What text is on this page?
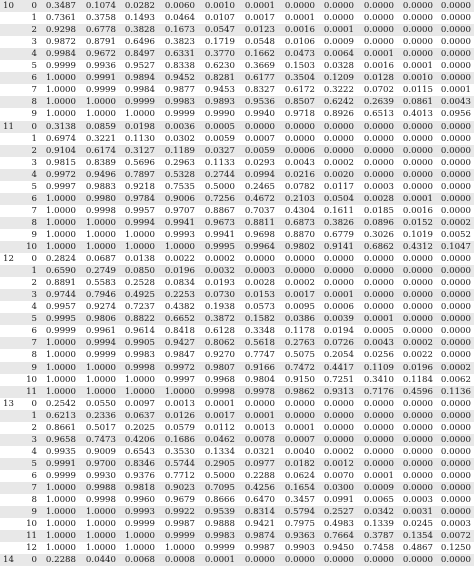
10	0	0.3487	0.1074	0.0282	0.0060	0.0010	0.0001	0.0000	0.0000	0.0000	0.0000 0.0000
1	0.7361	0.3758	0.1493	0.0464	0.0107	0.0017	0.0001	0.0000	0.0000	0.0000 0.0000
2	0.9298	0.6778	0.3828	0.1673	0.0547	0.0123	0.0016	0.0001	0.0000	0.0000 0.0000
3	0.9872	0.8791	0.6496	0.3823	0.1719	0.0548	0.0106	0.0009	0.0000	0.0000 0.0000
4	0.9984	0.9672	0.8497	0.6331	0.3770	0.1662	0.0473	0.0064	0.0001	0.0000 0.0000
5	0.9999	0.9936	0.9527	0.8338	0.6230	0.3669	0.1503	0.0328	0.0016	0.0001 0.0000
6	1.0000	0.9991	0.9894	0.9452	0.8281	0.6177	0.3504	0.1209	0.0128	0.0010 0.0000
7	1.0000	0.9999	0.9984	0.9877	0.9453	0.8327	0.6172	0.3222	0.0702	0.0115 0.0001
8	1.0000	1.0000	0.9999	0.9983	0.9893	0.9536	0.8507	0.6242	0.2639	0.0861 0.0043
9	1.0000	1.0000	1.0000	0.9999	0.9990	0.9940	0.9718	0.8926	0.6513	0.4013 0.0956
11	0	0.3138	0.0859	0.0198	0.0036	0.0005	0.0000	0.0000	0.0000	0.0000	0.0000 0.0000
1	0.6974	0.3221	0.1130	0.0302	0.0059	0.0007	0.0000	0.0000	0.0000	0.0000 0.0000
2	0.9104	0.6174	0.3127	0.1189	0.0327	0.0059	0.0006	0.0000	0.0000	0.0000 0.0000
3	0.9815	0.8389	0.5696	0.2963	0.1133	0.0293	0.0043	0.0002	0.0000	0.0000 0.0000
4	0.9972	0.9496	0.7897	0.5328	0.2744	0.0994	0.0216	0.0020	0.0000	0.0000 0.0000
5	0.9997	0.9883	0.9218	0.7535	0.5000	0.2465	0.0782	0.0117	0.0003	0.0000 0.0000
6	1.0000	0.9980	0.9784	0.9006	0.7256	0.4672	0.2103	0.0504	0.0028	0.0001 0.0000
7	1.0000	0.9998	0.9957	0.9707	0.8867	0.7037	0.4304	0.1611	0.0185	0.0016 0.0000
8	1.0000	1.0000	0.9994	0.9941	0.9673	0.8811	0.6873	0.3826	0.0896	0.0152 0.0002
9	1.0000	1.0000	1.0000	0.9993	0.9941	0.9698	0.8870	0.6779	0.3026	0.1019 0.0052
10	1.0000	1.0000	1.0000	1.0000	0.9995	0.9964	0.9802	0.9141	0.6862	0.4312 0.1047
12	0	0.2824	0.0687	0.0138	0.0022	0.0002	0.0000	0.0000	0.0000	0.0000	0.0000 0.0000
1	0.6590	0.2749	0.0850	0.0196	0.0032	0.0003	0.0000	0.0000	0.0000	0.0000 0.0000
2	0.8891	0.5583	0.2528	0.0834	0.0193	0.0028	0.0002	0.0000	0.0000	0.0000 0.0000
3	0.9744	0.7946	0.4925	0.2253	0.0730	0.0153	0.0017	0.0001	0.0000	0.0000 0.0000
4	0.9957	0.9274	0.7237	0.4382	0.1938	0.0573	0.0095	0.0006	0.0000	0.0000 0.0000
5	0.9995	0.9806	0.8822	0.6652	0.3872	0.1582	0.0386	0.0039	0.0001	0.0000 0.0000
6	0.9999	0.9961	0.9614	0.8418	0.6128	0.3348	0.1178	0.0194	0.0005	0.0000 0.0000
7	1.0000	0.9994	0.9905	0.9427	0.8062	0.5618	0.2763	0.0726	0.0043	0.0002 0.0000
8	1.0000	0.9999	0.9983	0.9847	0.9270	0.7747	0.5075	0.2054	0.0256	0.0022 0.0000
9	1.0000	1.0000	0.9998	0.9972	0.9807	0.9166	0.7472	0.4417	0.1109	0.0196 0.0002
10	1.0000	1.0000	1.0000	0.9997	0.9968	0.9804	0.9150	0.7251	0.3410	0.1184 0.0062
11	1.0000	1.0000	1.0000	1.0000	0.9998	0.9978	0.9862	0.9313	0.7176	0.4596 0.1136
13	0	0.2542	0.0550	0.0097	0.0013	0.0001	0.0000	0.0000	0.0000	0.0000	0.0000 0.0000
1	0.6213	0.2336	0.0637	0.0126	0.0017	0.0001	0.0000	0.0000	0.0000	0.0000 0.0000
2	0.8661	0.5017	0.2025	0.0579	0.0112	0.0013	0.0001	0.0000	0.0000	0.0000 0.0000
3	0.9658	0.7473	0.4206	0.1686	0.0462	0.0078	0.0007	0.0000	0.0000	0.0000 0.0000
4	0.9935	0.9009	0.6543	0.3530	0.1334	0.0321	0.0040	0.0002	0.0000	0.0000 0.0000
5	0.9991	0.9700	0.8346	0.5744	0.2905	0.0977	0.0182	0.0012	0.0000	0.0000 0.0000
6	0.9999	0.9930	0.9376	0.7712	0.5000	0.2288	0.0624	0.0070	0.0001	0.0000 0.0000
7	1.0000	0.9988	0.9818	0.9023	0.7095	0.4256	0.1654	0.0300	0.0009	0.0000 0.0000
8	1.0000	0.9998	0.9960	0.9679	0.8666	0.6470	0.3457	0.0991	0.0065	0.0003 0.0000
9	1.0000	1.0000	0.9993	0.9922	0.9539	0.8314	0.5794	0.2527	0.0342	0.0031 0.0000
10	1.0000	1.0000	0.9999	0.9987	0.9888	0.9421	0.7975	0.4983	0.1339	0.0245 0.0003
11	1.0000	1.0000	1.0000	0.9999	0.9983	0.9874	0.9363	0.7664	0.3787	0.1354 0.0072
12	1.0000	1.0000	1.0000	1.0000	0.9999	0.9987	0.9903	0.9450	0.7458	0.4867 0.1250
14	0	0.2288	0.0440	0.0068	0.0008	0.0001	0.0000	0.0000	0.0000	0.0000	0.0000 0.0000
